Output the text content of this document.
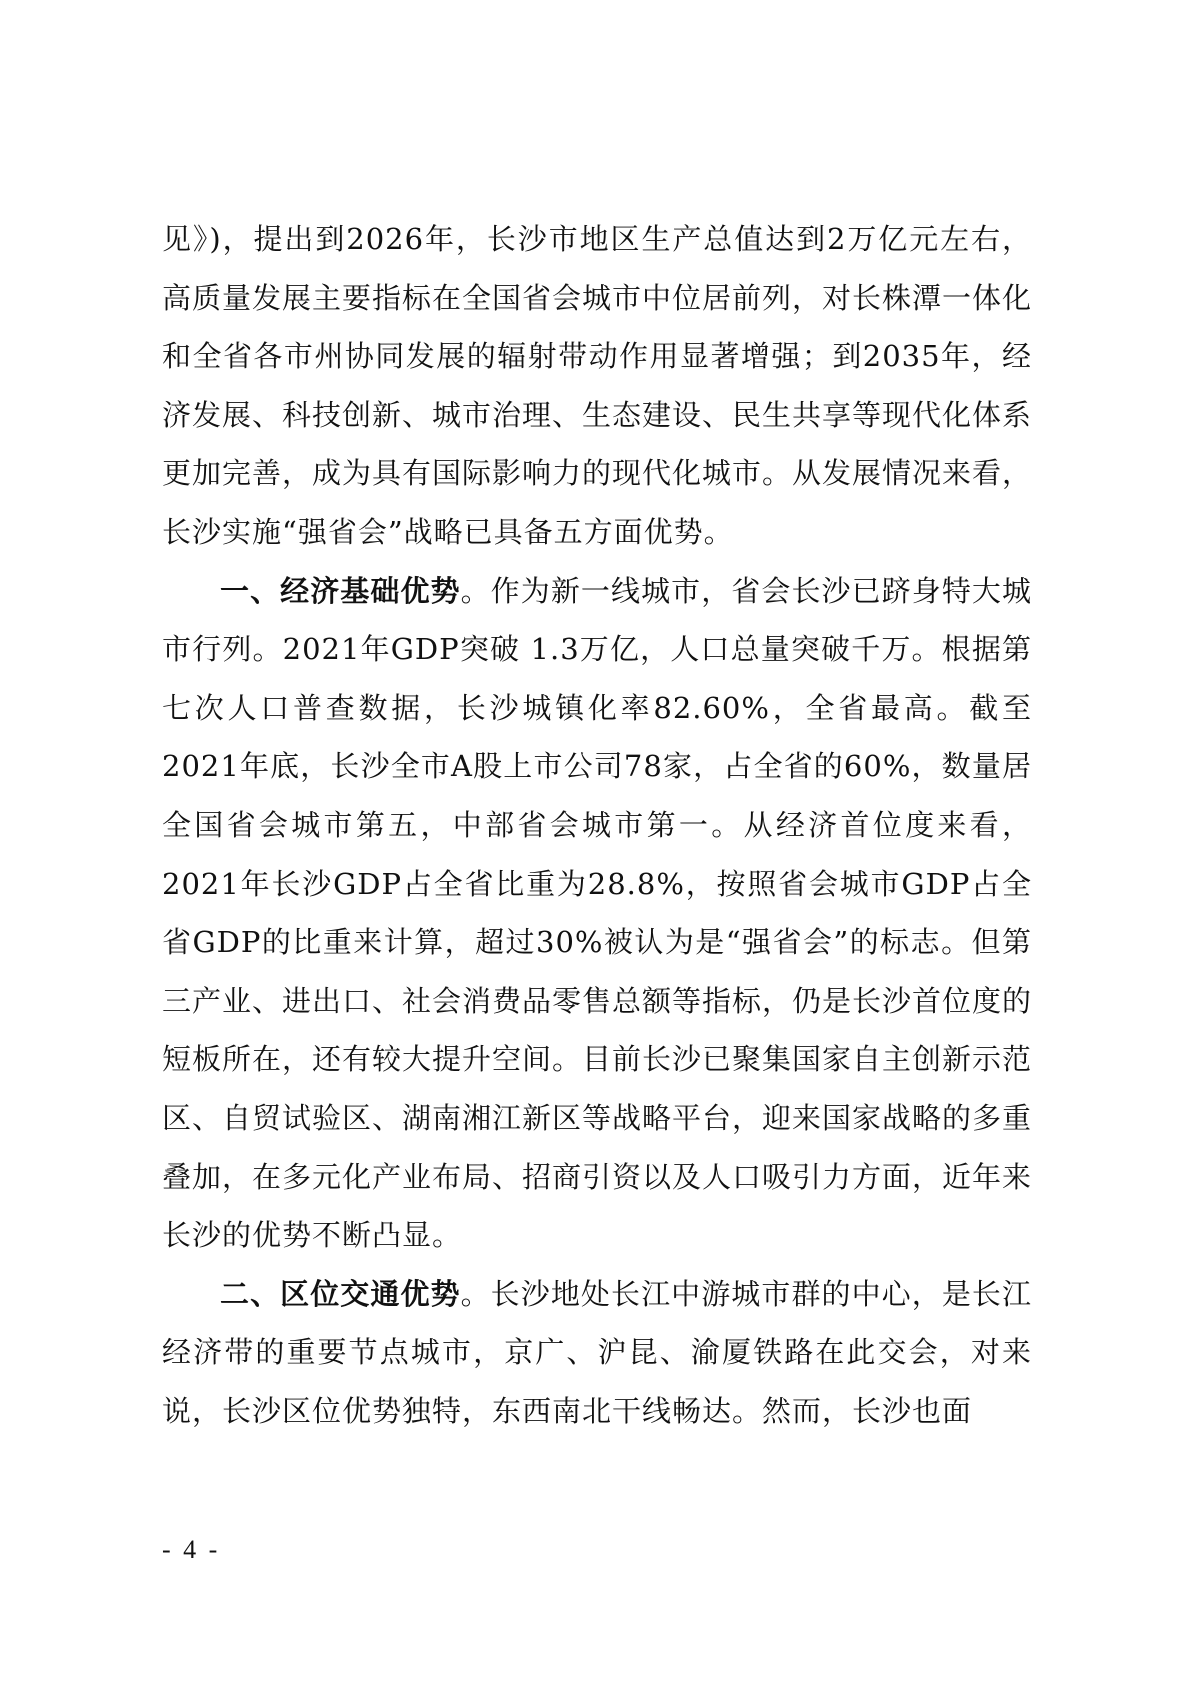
见》)，提出到2026年，长沙市地区生产总值达到2万亿元左右，高质量发展主要指标在全国省会城市中位居前列，对长株潭一体化和全省各市州协同发展的辐射带动作用显著增强；到2035年，经济发展、科技创新、城市治理、生态建设、民生共享等现代化体系更加完善，成为具有国际影响力的现代化城市。从发展情况来看，长沙实施“强省会”战略已具备五方面优势。

一、经济基础优势。作为新一线城市，省会长沙已跻身特大城市行列。2021年GDP突破 1.3万亿，人口总量突破千万。根据第七次人口普查数据，长沙城镇化率82.60%，全省最高。截至2021年底，长沙全市A股上市公司78家，占全省的60%，数量居全国省会城市第五，中部省会城市第一。从经济首位度来看，2021年长沙GDP占全省比重为28.8%，按照省会城市GDP占全省GDP的比重来计算，超过30%被认为是“强省会”的标志。但第三产业、进出口、社会消费品零售总额等指标，仍是长沙首位度的短板所在，还有较大提升空间。目前长沙已聚集国家自主创新示范区、自贸试验区、湖南湘江新区等战略平台，迎来国家战略的多重叠加，在多元化产业布局、招商引资以及人口吸引力方面，近年来长沙的优势不断凸显。

二、区位交通优势。长沙地处长江中游城市群的中心，是长江经济带的重要节点城市，京广、沪昆、渝厦铁路在此交会，对来说，长沙区位优势独特，东西南北干线畅达。然而，长沙也面

- 4 -
